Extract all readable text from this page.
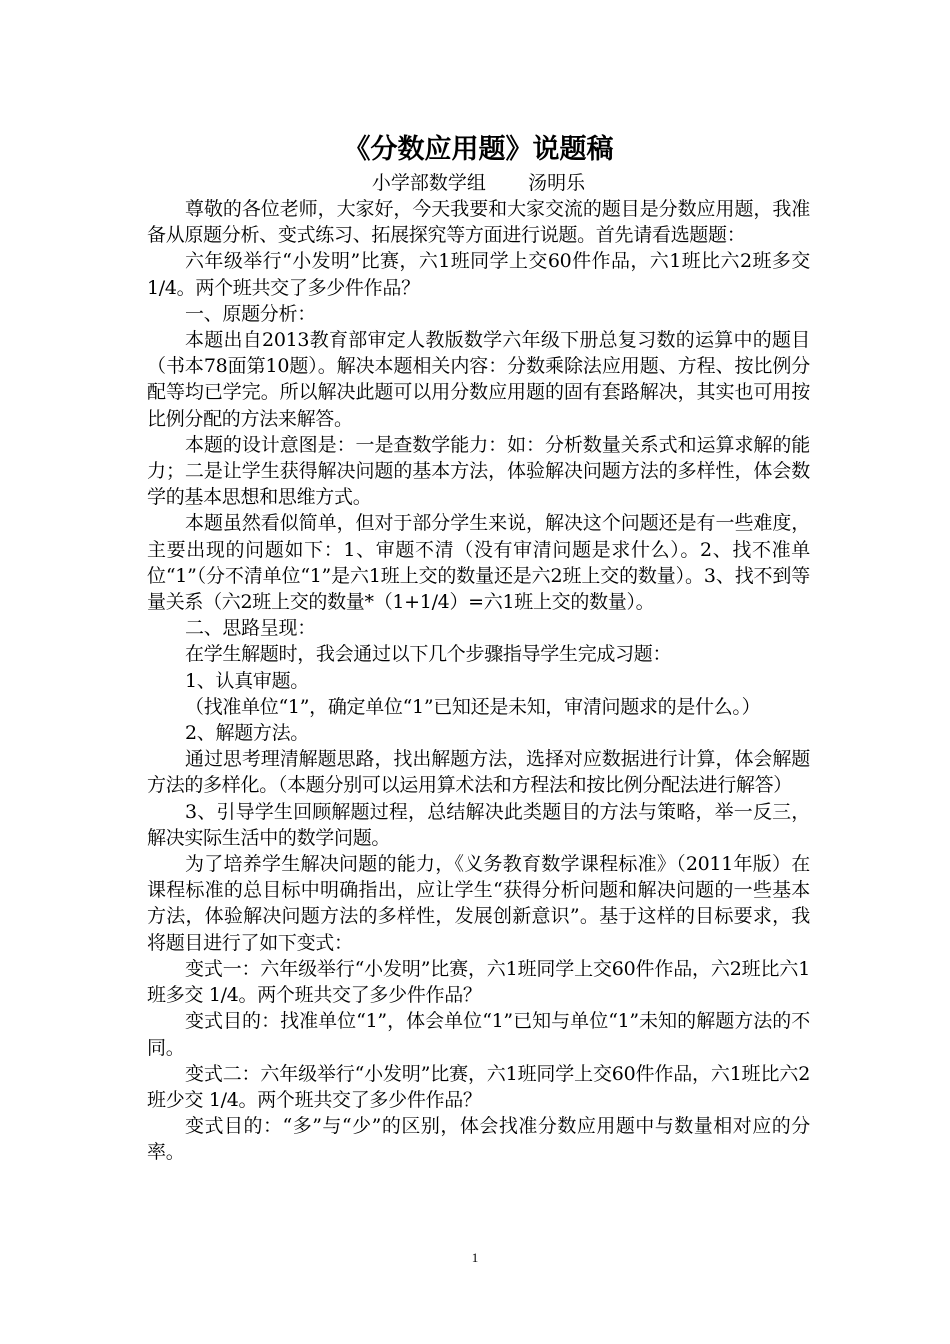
《分数应用题》说题稿

小学部数学组       汤明乐

尊敬的各位老师，大家好，今天我要和大家交流的题目是分数应用题，我准备从原题分析、变式练习、拓展探究等方面进行说题。首先请看选题题：

六年级举行“小发明”比赛，六1班同学上交60件作品，六1班比六2班多交 1/4。两个班共交了多少件作品？

一、原题分析：

本题出自2013教育部审定人教版数学六年级下册总复习数的运算中的题目（书本78面第10题）。解决本题相关内容：分数乘除法应用题、方程、按比例分配等均已学完。所以解决此题可以用分数应用题的固有套路解决，其实也可用按比例分配的方法来解答。

本题的设计意图是：一是查数学能力：如：分析数量关系式和运算求解的能力；二是让学生获得解决问题的基本方法，体验解决问题方法的多样性，体会数学的基本思想和思维方式。

本题虽然看似简单，但对于部分学生来说，解决这个问题还是有一些难度，主要出现的问题如下：1、审题不清（没有审清问题是求什么）。2、找不准单位“1”（分不清单位“1”是六1班上交的数量还是六2班上交的数量）。3、找不到等量关系（六2班上交的数量*（1+1/4）=六1班上交的数量）。

二、思路呈现：

在学生解题时，我会通过以下几个步骤指导学生完成习题：

1、认真审题。

（找准单位“1”，确定单位“1”已知还是未知，审清问题求的是什么。）

2、解题方法。

通过思考理清解题思路，找出解题方法，选择对应数据进行计算，体会解题方法的多样化。（本题分别可以运用算术法和方程法和按比例分配法进行解答）

3、引导学生回顾解题过程，总结解决此类题目的方法与策略，举一反三，解决实际生活中的数学问题。

为了培养学生解决问题的能力，《义务教育数学课程标准》（2011年版）在课程标准的总目标中明确指出，应让学生“获得分析问题和解决问题的一些基本方法，体验解决问题方法的多样性，发展创新意识”。基于这样的目标要求，我将题目进行了如下变式：

变式一：六年级举行“小发明”比赛，六1班同学上交60件作品，六2班比六1班多交 1/4。两个班共交了多少件作品？

变式目的：找准单位“1”，体会单位“1”已知与单位“1”未知的解题方法的不同。

变式二：六年级举行“小发明”比赛，六1班同学上交60件作品，六1班比六2班少交 1/4。两个班共交了多少件作品？

变式目的：“多”与“少”的区别，体会找准分数应用题中与数量相对应的分率。

1
